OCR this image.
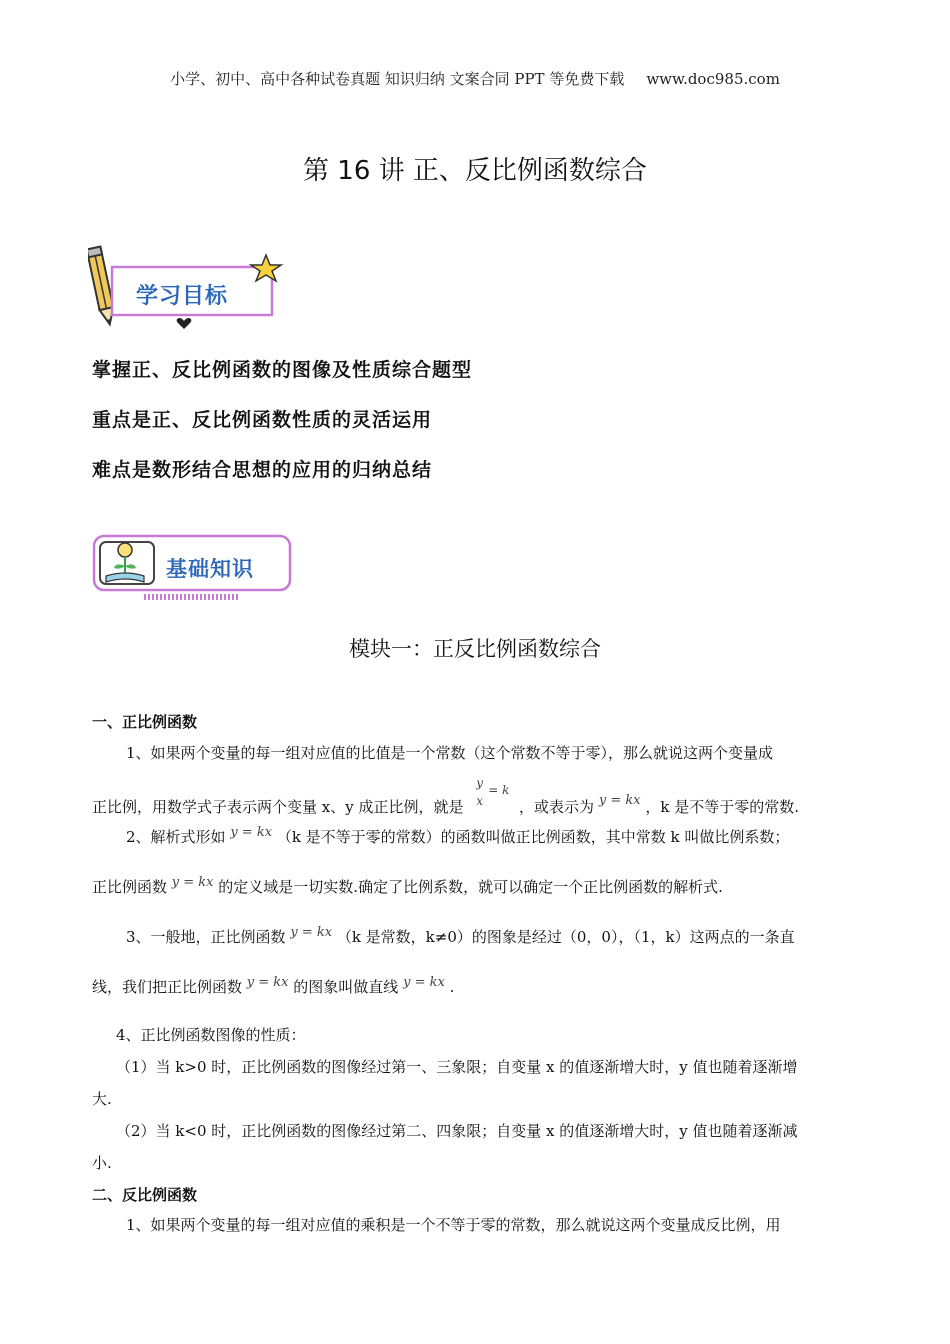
小学、初中、高中各种试卷真题 知识归纳 文案合同 PPT 等免费下载 www.doc985.com
第 16 讲 正、反比例函数综合
学习目标
掌握正、反比例函数的图像及性质综合题型
重点是正、反比例函数性质的灵活运用
难点是数形结合思想的应用的归纳总结
基础知识
模块一：正反比例函数综合
一、正比例函数
1、如果两个变量的每一组对应值的比值是一个常数（这个常数不等于零），那么就说这两个变量成
正比例，用数学式子表示两个变量 x、y 成正比例，就是
y = k
x ，或表示为 y = kx ，k 是不等于零的常数.
2、解析式形如 y = kx （k 是不等于零的常数）的函数叫做正比例函数，其中常数 k 叫做比例系数；
正比例函数 y = kx 的定义域是一切实数.确定了比例系数，就可以确定一个正比例函数的解析式.
3、一般地，正比例函数 y = kx （k 是常数，k≠0）的图象是经过（0，0），（1，k）这两点的一条直
线，我们把正比例函数 y = kx 的图象叫做直线 y = kx .
4、正比例函数图像的性质：
（1）当 k>0 时，正比例函数的图像经过第一、三象限；自变量 x 的值逐渐增大时，y 值也随着逐渐增
大.
（2）当 k<0 时，正比例函数的图像经过第二、四象限；自变量 x 的值逐渐增大时，y 值也随着逐渐减
小.
二、反比例函数
1、如果两个变量的每一组对应值的乘积是一个不等于零的常数，那么就说这两个变量成反比例，用
